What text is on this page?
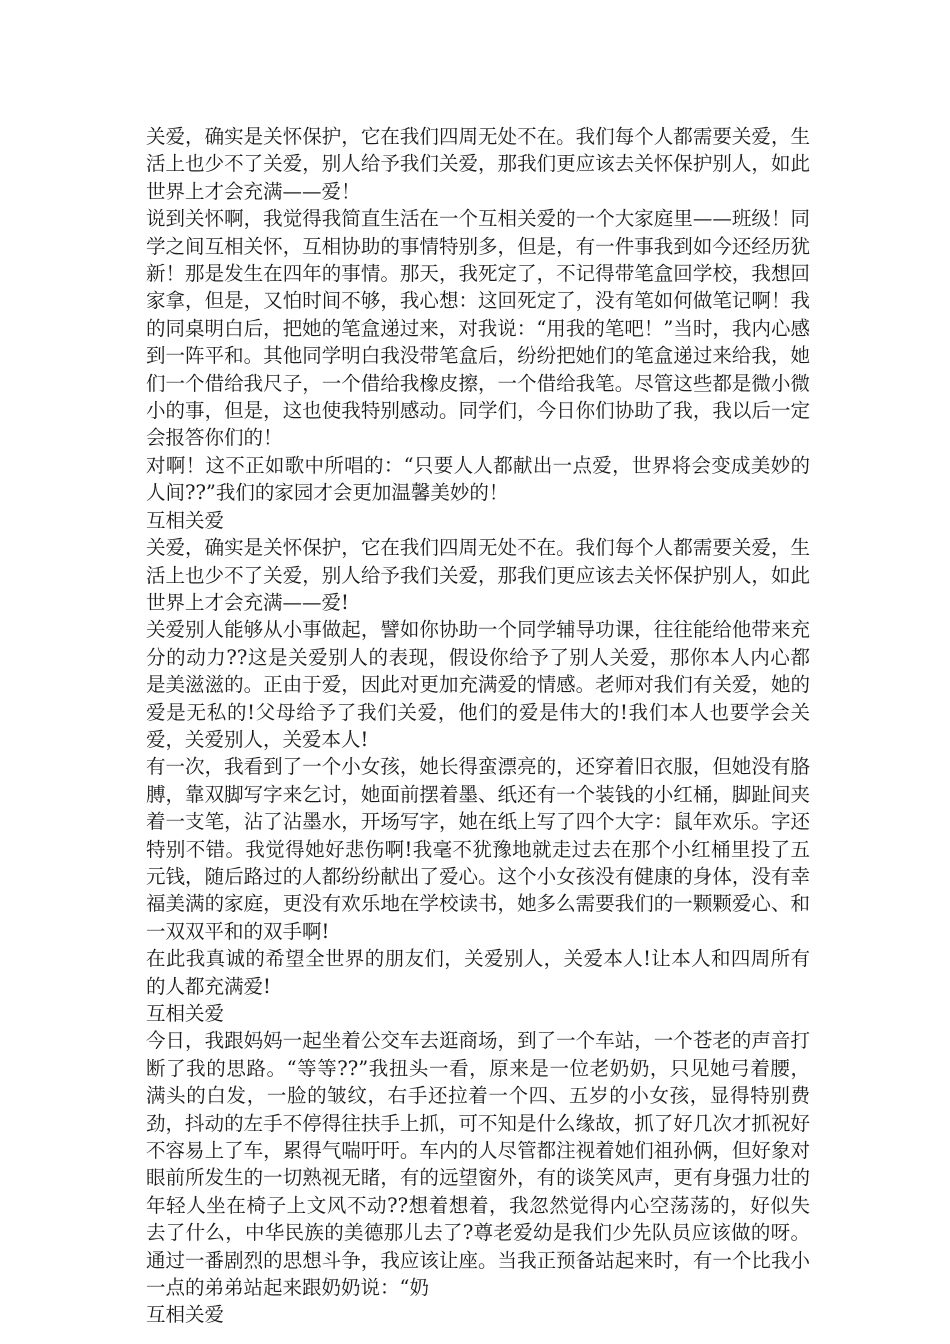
关爱，确实是关怀保护，它在我们四周无处不在。我们每个人都需要关爱，生活上也少不了关爱，别人给予我们关爱，那我们更应该去关怀保护别人，如此世界上才会充满——爱！

说到关怀啊，我觉得我简直生活在一个互相关爱的一个大家庭里——班级！同学之间互相关怀，互相协助的事情特别多，但是，有一件事我到如今还经历犹新！那是发生在四年的事情。那天，我死定了，不记得带笔盒回学校，我想回家拿，但是，又怕时间不够，我心想：这回死定了，没有笔如何做笔记啊！我的同桌明白后，把她的笔盒递过来，对我说：“用我的笔吧！”当时，我内心感到一阵平和。其他同学明白我没带笔盒后，纷纷把她们的笔盒递过来给我，她们一个借给我尺子，一个借给我橡皮擦，一个借给我笔。尽管这些都是微小微小的事，但是，这也使我特别感动。同学们，今日你们协助了我，我以后一定会报答你们的！

对啊！这不正如歌中所唱的：“只要人人都献出一点爱，世界将会变成美妙的人间??”我们的家园才会更加温馨美妙的！

互相关爱

关爱，确实是关怀保护，它在我们四周无处不在。我们每个人都需要关爱，生活上也少不了关爱，别人给予我们关爱，那我们更应该去关怀保护别人，如此世界上才会充满——爱!

关爱别人能够从小事做起，譬如你协助一个同学辅导功课，往往能给他带来充分的动力??这是关爱别人的表现，假设你给予了别人关爱，那你本人内心都是美滋滋的。正由于爱，因此对更加充满爱的情感。老师对我们有关爱，她的爱是无私的!父母给予了我们关爱，他们的爱是伟大的!我们本人也要学会关爱，关爱别人，关爱本人!

有一次，我看到了一个小女孩，她长得蛮漂亮的，还穿着旧衣服，但她没有胳膊，靠双脚写字来乞讨，她面前摆着墨、纸还有一个装钱的小红桶，脚趾间夹着一支笔，沾了沾墨水，开场写字，她在纸上写了四个大字：鼠年欢乐。字还特别不错。我觉得她好悲伤啊!我毫不犹豫地就走过去在那个小红桶里投了五元钱，随后路过的人都纷纷献出了爱心。这个小女孩没有健康的身体，没有幸福美满的家庭，更没有欢乐地在学校读书，她多么需要我们的一颗颗爱心、和一双双平和的双手啊!

在此我真诚的希望全世界的朋友们，关爱别人，关爱本人!让本人和四周所有的人都充满爱!

互相关爱

今日，我跟妈妈一起坐着公交车去逛商场，到了一个车站，一个苍老的声音打断了我的思路。“等等??”我扭头一看，原来是一位老奶奶，只见她弓着腰，满头的白发，一脸的皱纹，右手还拉着一个四、五岁的小女孩，显得特别费劲，抖动的左手不停得往扶手上抓，可不知是什么缘故，抓了好几次才抓祝好不容易上了车，累得气喘吁吁。车内的人尽管都注视着她们祖孙俩，但好象对眼前所发生的一切熟视无睹，有的远望窗外，有的谈笑风声，更有身强力壮的年轻人坐在椅子上文风不动??想着想着，我忽然觉得内心空荡荡的，好似失去了什么，中华民族的美德那儿去了?尊老爱幼是我们少先队员应该做的呀。通过一番剧烈的思想斗争，我应该让座。当我正预备站起来时，有一个比我小一点的弟弟站起来跟奶奶说：“奶

互相关爱
